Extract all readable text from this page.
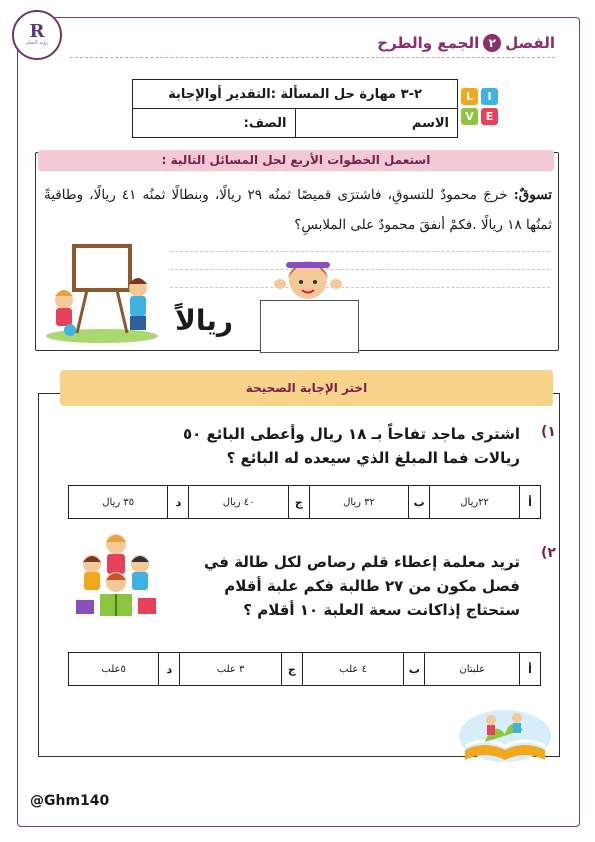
R
ﺭﺅﻳﺔ ﺍﻟﺘﻌﻠﻢ	الفصل
٢
الجمع والطرح
٢-٣ مهارة حل المسألة :التقدير أوالإجابة
الاسم	الصف:
L	I
V	E
استعمل الخطوات الأربع لحل المسائل التالية :
تسوقٌ: خرجَ محمودٌ للتسوقِ، فاشترَى قميصًا ثمنُه ٢٩ ريالًا، وبنطالًا ثمنُه ٤١ ريالًا، وطاقيةً ثمنُها ١٨ ريالًا .فكمْ أنفقَ محمودٌ على الملابسِ؟
ريالاً
اختر الإجابة الصحيحة
(١
اشترى ماجد تفاحاً بـ ١٨ ريال وأعطى البائع ٥٠ ريالات فما المبلغ الذي سيعده له البائع ؟
أ	٢٢ريال	ب	٣٢ ريال	ج	٤٠ ريال	د	٣٥ ريال
(٢
تريد معلمة إعطاء قلم رصاص لكل طالة في فصل مكون من ٢٧ طالبة فكم علبة أقلام ستحتاج إذاكانت سعة العلبة ١٠ أقلام ؟
أ	علبتان	ب	٤ علب	ج	٣ علب	د	٥علب
@Ghm140
